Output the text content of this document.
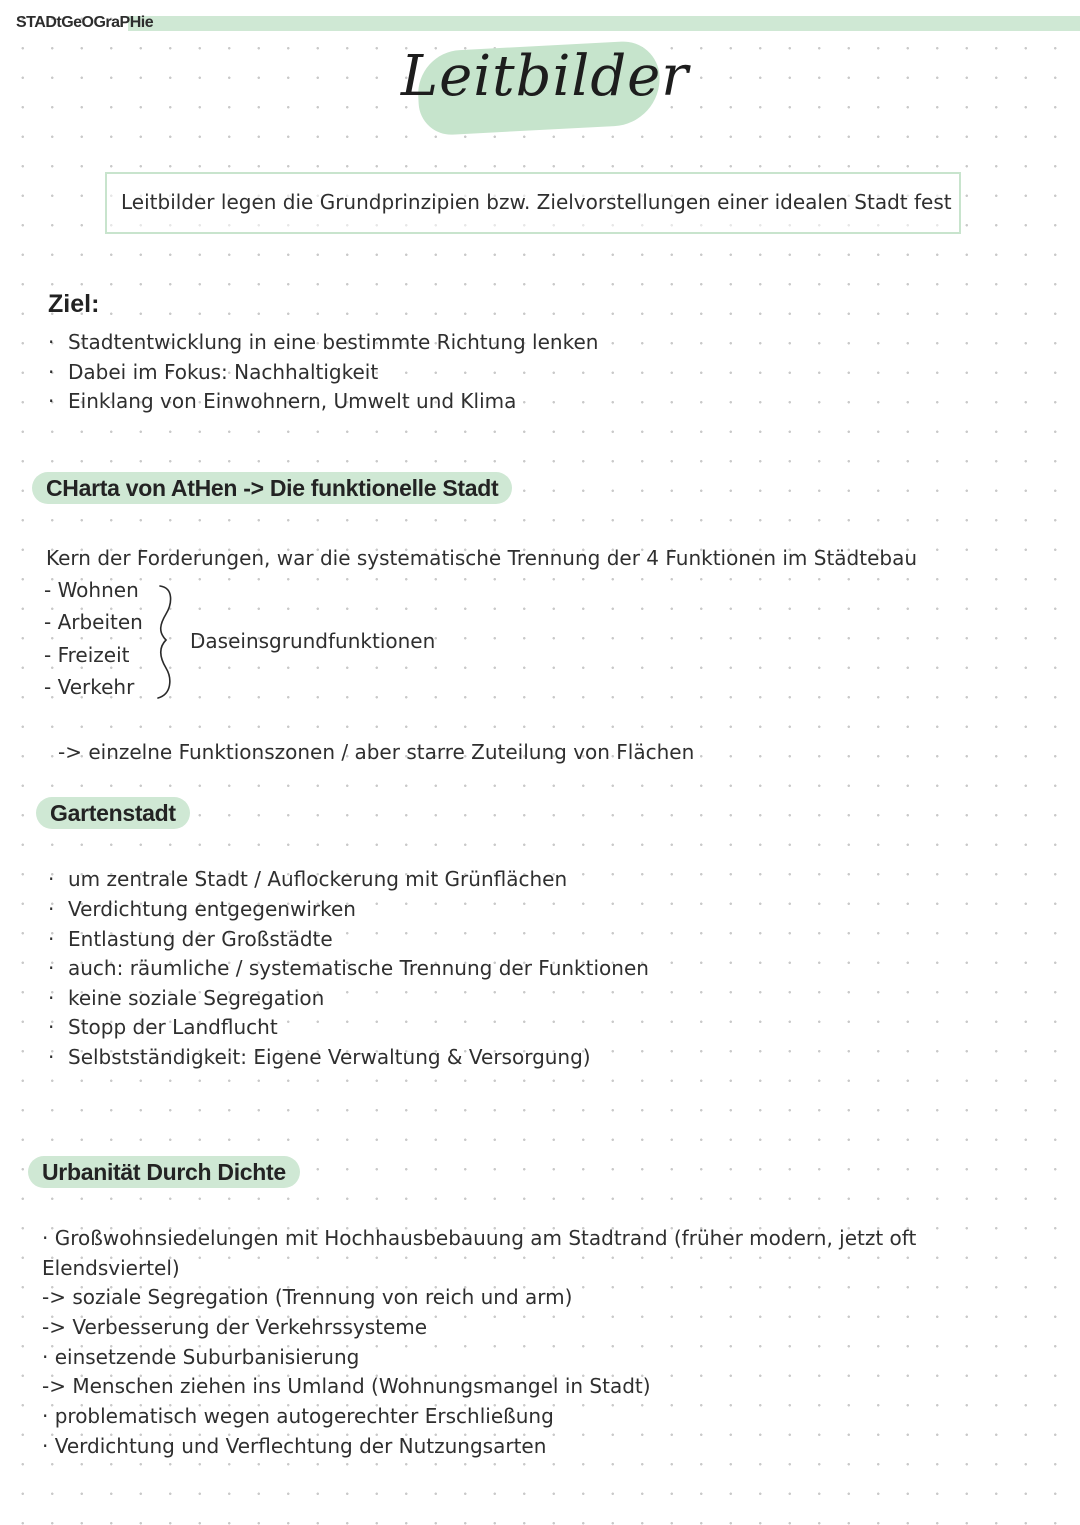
STADtGeOGraPHie
Leitbilder
Leitbilder legen die Grundprinzipien bzw. Zielvorstellungen einer idealen Stadt fest
Ziel:
· Stadtentwicklung in eine bestimmte Richtung lenken
· Dabei im Fokus: Nachhaltigkeit
· Einklang von Einwohnern, Umwelt und Klima
CHarta von AtHen -> Die funktionelle Stadt
Kern der Forderungen, war die systematische Trennung der 4 Funktionen im Städtebau
- Wohnen
- Arbeiten
- Freizeit
- Verkehr
Daseinsgrundfunktionen
-> einzelne Funktionszonen / aber starre Zuteilung von Flächen
Gartenstadt
· um zentrale Stadt / Auflockerung mit Grünflächen
· Verdichtung entgegenwirken
· Entlastung der Großstädte
· auch: räumliche / systematische Trennung der Funktionen
· keine soziale Segregation
· Stopp der Landflucht
· Selbstständigkeit: Eigene Verwaltung & Versorgung)
Urbanität Durch Dichte
· Großwohnsiedelungen mit Hochhausbebauung am Stadtrand (früher modern, jetzt oft
Elendsviertel)
-> soziale Segregation (Trennung von reich und arm)
-> Verbesserung der Verkehrssysteme
· einsetzende Suburbanisierung
-> Menschen ziehen ins Umland (Wohnungsmangel in Stadt)
· problematisch wegen autogerechter Erschließung
· Verdichtung und Verflechtung der Nutzungsarten
